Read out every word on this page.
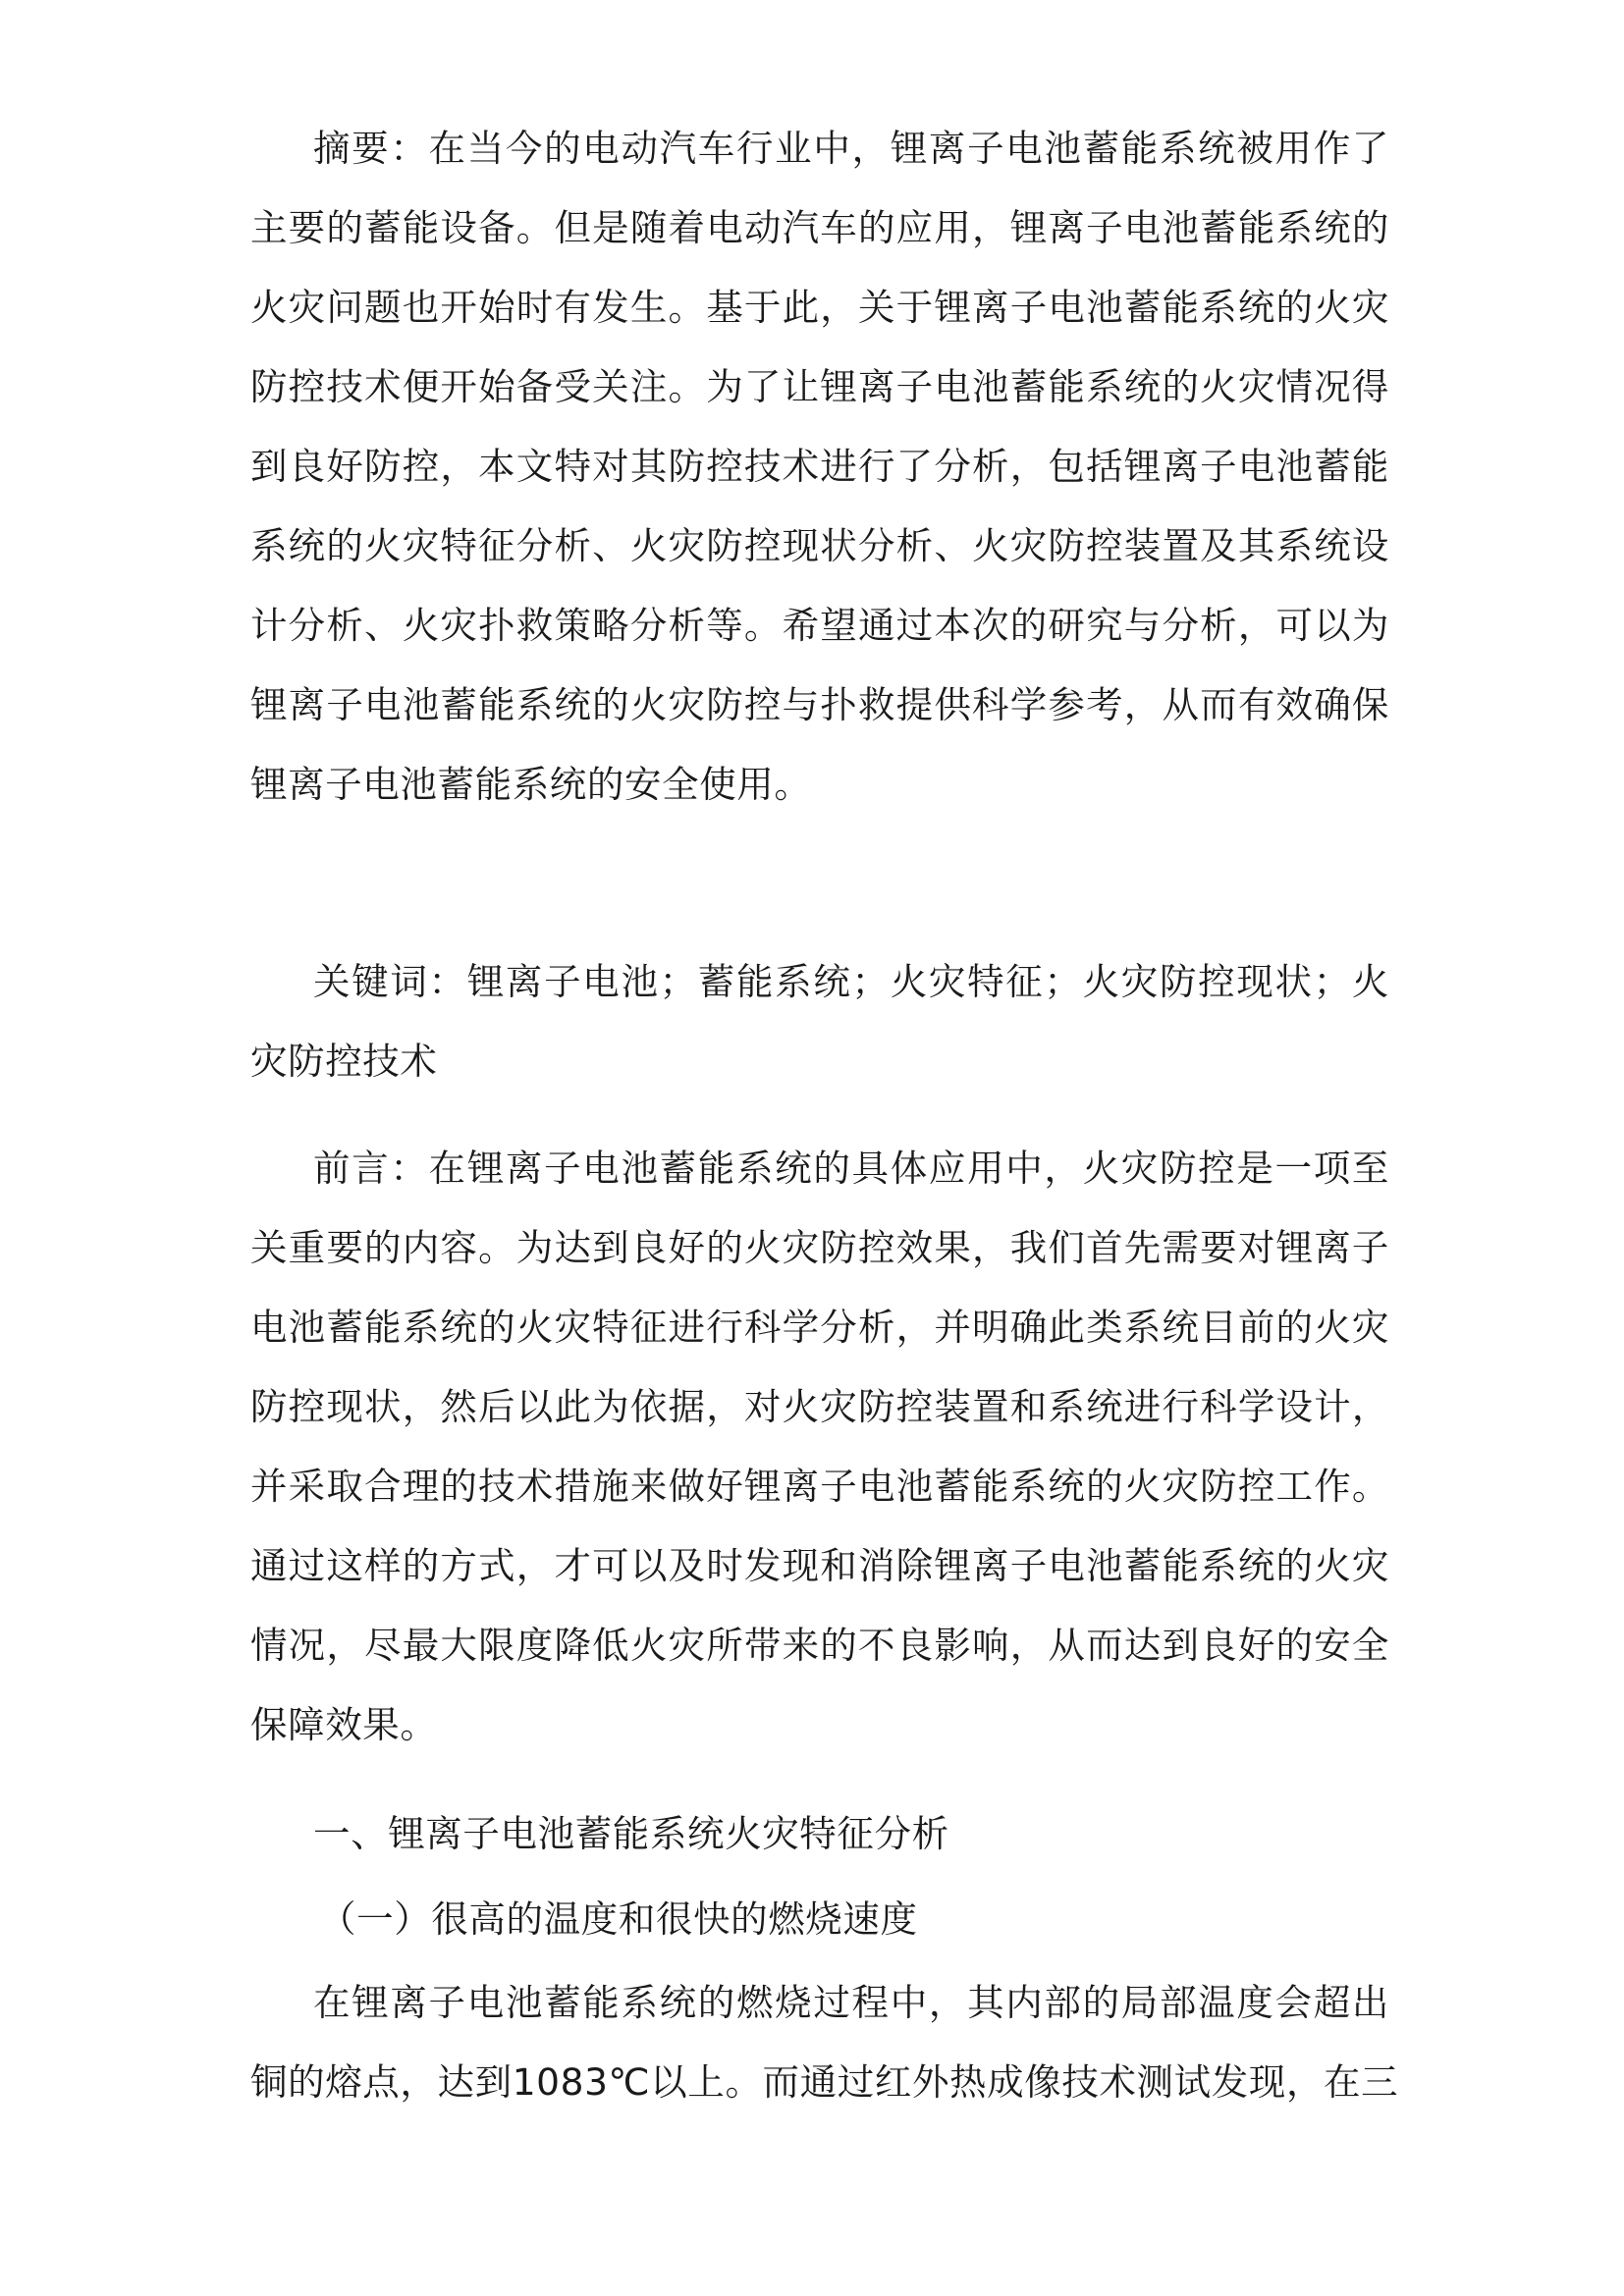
摘要：在当今的电动汽车行业中，锂离子电池蓄能系统被用作了
主要的蓄能设备。但是随着电动汽车的应用，锂离子电池蓄能系统的
火灾问题也开始时有发生。基于此，关于锂离子电池蓄能系统的火灾
防控技术便开始备受关注。为了让锂离子电池蓄能系统的火灾情况得
到良好防控，本文特对其防控技术进行了分析，包括锂离子电池蓄能
系统的火灾特征分析、火灾防控现状分析、火灾防控装置及其系统设
计分析、火灾扑救策略分析等。希望通过本次的研究与分析，可以为
锂离子电池蓄能系统的火灾防控与扑救提供科学参考，从而有效确保
锂离子电池蓄能系统的安全使用。
关键词：锂离子电池；蓄能系统；火灾特征；火灾防控现状；火
灾防控技术
前言：在锂离子电池蓄能系统的具体应用中，火灾防控是一项至
关重要的内容。为达到良好的火灾防控效果，我们首先需要对锂离子
电池蓄能系统的火灾特征进行科学分析，并明确此类系统目前的火灾
防控现状，然后以此为依据，对火灾防控装置和系统进行科学设计，
并采取合理的技术措施来做好锂离子电池蓄能系统的火灾防控工作。
通过这样的方式，才可以及时发现和消除锂离子电池蓄能系统的火灾
情况，尽最大限度降低火灾所带来的不良影响，从而达到良好的安全
保障效果。
一、锂离子电池蓄能系统火灾特征分析
（一）很高的温度和很快的燃烧速度
在锂离子电池蓄能系统的燃烧过程中，其内部的局部温度会超出
铜的熔点，达到1083℃以上。而通过红外热成像技术测试发现，在三
